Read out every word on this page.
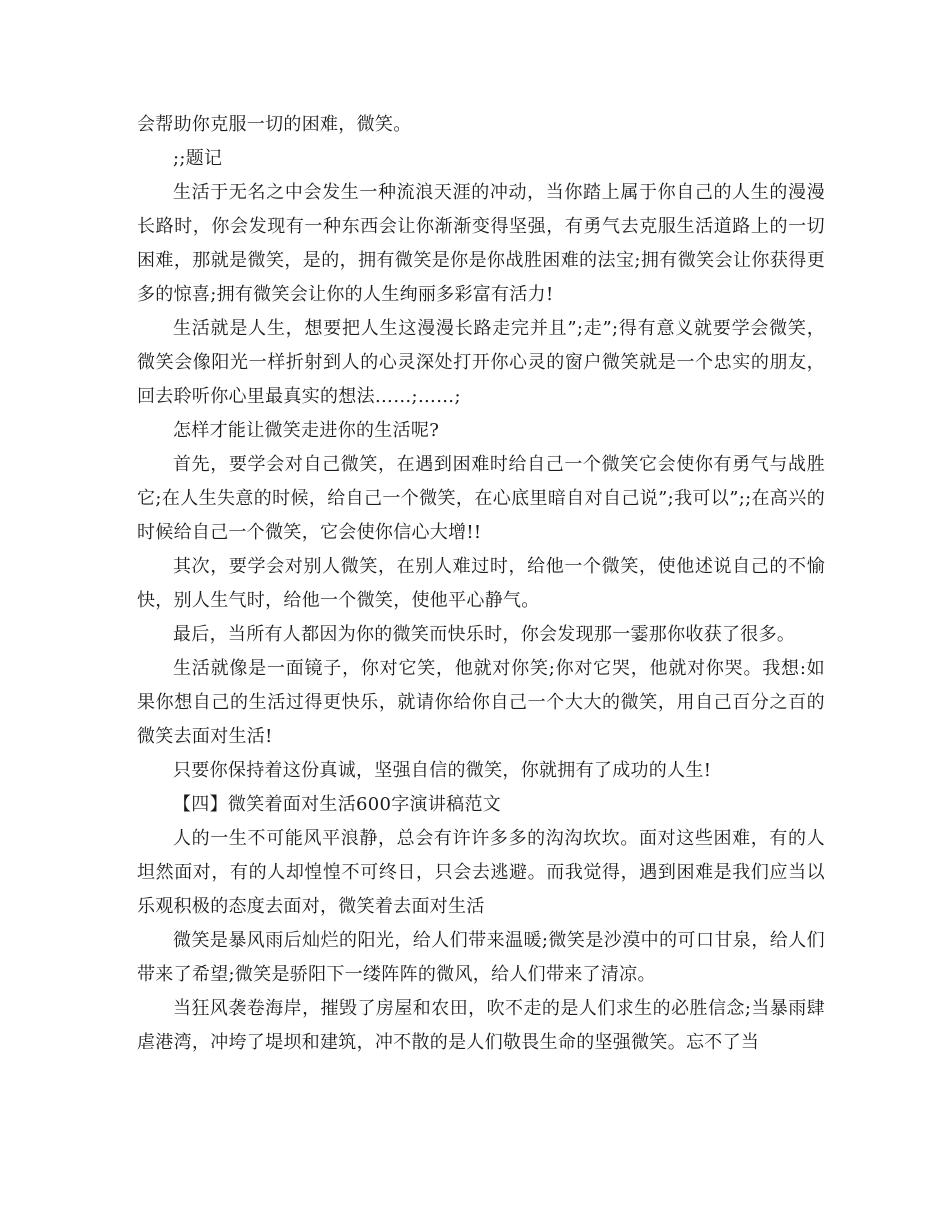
会帮助你克服一切的困难，微笑。

;;题记

生活于无名之中会发生一种流浪天涯的冲动，当你踏上属于你自己的人生的漫漫长路时，你会发现有一种东西会让你渐渐变得坚强，有勇气去克服生活道路上的一切困难，那就是微笑，是的，拥有微笑是你是你战胜困难的法宝;拥有微笑会让你获得更多的惊喜;拥有微笑会让你的人生绚丽多彩富有活力!

生活就是人生，想要把人生这漫漫长路走完并且”;走”;得有意义就要学会微笑，微笑会像阳光一样折射到人的心灵深处打开你心灵的窗户微笑就是一个忠实的朋友，回去聆听你心里最真实的想法……;……;

怎样才能让微笑走进你的生活呢?

首先，要学会对自己微笑，在遇到困难时给自己一个微笑它会使你有勇气与战胜它;在人生失意的时候，给自己一个微笑，在心底里暗自对自己说”;我可以”;;在高兴的时候给自己一个微笑，它会使你信心大增!!

其次，要学会对别人微笑，在别人难过时，给他一个微笑，使他述说自己的不愉快，别人生气时，给他一个微笑，使他平心静气。

最后，当所有人都因为你的微笑而快乐时，你会发现那一霎那你收获了很多。

生活就像是一面镜子，你对它笑，他就对你笑;你对它哭，他就对你哭。我想:如果你想自己的生活过得更快乐，就请你给你自己一个大大的微笑，用自己百分之百的微笑去面对生活!

只要你保持着这份真诚，坚强自信的微笑，你就拥有了成功的人生!

【四】微笑着面对生活600字演讲稿范文

人的一生不可能风平浪静，总会有许许多多的沟沟坎坎。面对这些困难，有的人坦然面对，有的人却惶惶不可终日，只会去逃避。而我觉得，遇到困难是我们应当以乐观积极的态度去面对，微笑着去面对生活

微笑是暴风雨后灿烂的阳光，给人们带来温暖;微笑是沙漠中的可口甘泉，给人们带来了希望;微笑是骄阳下一缕阵阵的微风，给人们带来了清凉。

当狂风袭卷海岸，摧毁了房屋和农田，吹不走的是人们求生的必胜信念;当暴雨肆虐港湾，冲垮了堤坝和建筑，冲不散的是人们敬畏生命的坚强微笑。忘不了当
